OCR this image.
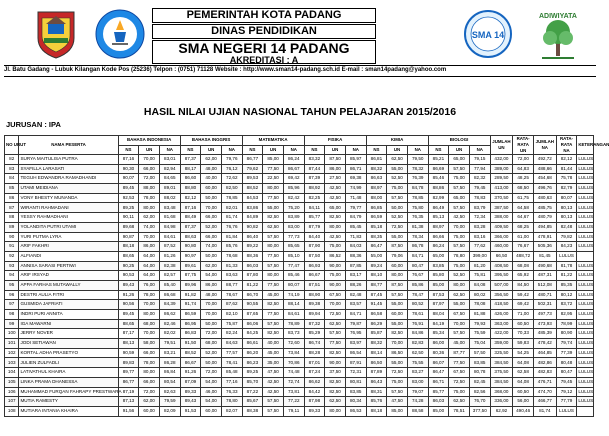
PEMERINTAH KOTA PADANG
DINAS PENDIDIKAN
SMA NEGERI 14 PADANG
AKREDITASI : A
SMA 14
ADIWIYATA
Jl. Batu Gadang - Lubuk Kilangan Kode Pos (25236) Telpon : (0751) 71128 Website : http://www.sman14-padang.sch.id E-mail : sman14padang@yahoo.com
HASIL NILAI UJIAN NASIONAL TAHUN PELAJARAN 2015/2016
JURUSAN : IPA
NO URUT	NAMA PESERTA	BAHASA INDONESIA			BAHASA INGGRIS			MATEMATIKA			FISIKA			KIMIA			BIOLOGI			JUMLAH UN	RATA-RATA UN	JUMLAH NA	RATA-RATA NA	KETERANGAN
		NS	UN	NA	NS	UN	NA	NS	UN	NA	NS	UN	NA	NS	UN	NA	NS	UN	NA					
82	SURYA MAITULISA PUTRA	87,16	70,00	83,01	87,37	62,00	79,76	86,77	85,00	86,24	83,32	87,50	85,97	86,81	62,50	79,50	85,21	65,00	79,15	432,00	72,00	492,72	82,12	LULUS
83	SYAFILLA LARASATI	90,30	66,00	82,94	88,17	48,00	76,12	79,62	77,50	86,67	87,44	86,00	86,71	88,32	55,00	78,32	86,69	57,50	77,94	389,00	64,83	488,66	81,44	LULUS
84	TEGUH EDWANDRA RAMADHANDI	90,07	72,00	84,65	86,60	40,00	72,62	89,53	22,50	69,42	87,39	27,50	69,38	86,63	52,50	76,39	85,46	75,00	82,32	289,50	48,25	454,68	75,78	LULUS
85	UTAMI MEIDIANA	89,45	88,00	89,01	88,80	60,00	82,50	88,52	80,00	85,96	88,92	42,50	74,99	88,97	75,00	84,78	88,86	57,50	79,45	413,00	68,50	496,76	82,79	LULUS
86	VONY BHESTY MUNANDA	92,53	78,00	88,02	82,12	50,00	78,85	84,53	77,50	82,42	82,25	42,50	71,48	88,00	57,50	78,85	82,99	65,00	78,83	370,50	61,75	480,63	80,07	LULUS
87	WIRANTI RAHMADANI	89,25	80,00	83,48	87,16	70,00	82,01	83,86	55,00	75,20	84,11	65,00	79,77	86,85	50,00	75,80	86,49	57,50	83,79	387,50	64,58	485,75	80,13	LULUS
88	YESSY RAHMADHANI	90,11	62,00	81,68	88,49	66,00	81,74	84,89	82,50	83,89	85,77	82,50	84,79	86,59	52,50	76,35	85,13	42,50	72,34	388,00	64,67	480,79	80,13	LULUS
89	YOLANDITA PUTRI UTAMI	89,68	74,00	84,98	87,37	52,00	76,76	90,82	62,50	83,00	87,79	80,00	85,45	85,18	72,50	81,38	88,97	70,00	83,28	409,50	68,25	494,85	82,48	LULUS
90	YURI PUTMA LYRA	90,87	70,00	84,61	88,63	66,00	81,84	86,40	57,50	77,73	84,40	42,50	71,83	88,35	55,00	78,34	86,66	75,00	83,16	366,00	61,00	478,91	79,82	LULUS
91	ARIF FAKHRI	88,18	86,00	87,52	90,80	74,00	85,76	89,22	80,00	85,65	87,90	75,00	84,03	86,47	87,50	86,78	86,24	57,50	77,62	460,00	76,67	505,36	84,23	LULUS
92	ALFIANDI	88,65	64,00	81,26	90,97	50,00	78,68	88,36	77,50	85,10	87,50	86,52	88,36	55,00	79,06	84,71	65,00	78,80	399,00	66,50	488,72	81,45	LULUS	
93	ANNISA SARASI PERTIWI	90,25	64,00	82,38	89,61	62,00	81,33	86,03	57,50	77,47	86,93	90,00	87,85	89,24	60,00	80,47	83,85	75,00	81,20	408,50	68,08	490,68	81,78	LULUS
94	ARIF IRSYAD	90,53	64,00	82,57	87,75	54,00	83,63	87,80	80,00	85,46	86,67	75,00	83,17	88,10	80,00	76,67	85,80	52,50	75,81	395,50	65,92	487,31	81,22	LULUS
95	APPA FARHAS MUTAWALLY	89,43	76,00	85,40	89,96	86,00	88,77	81,22	77,50	80,07	87,51	90,00	88,26	88,77	87,50	85,86	85,00	80,00	84,08	507,00	84,50	512,08	85,35	LULUS
96	DESTRI AULIA FITRI	91,26	78,00	86,68	91,82	48,00	78,67	86,70	45,00	74,19	88,90	67,50	82,48	87,45	57,50	78,47	87,53	62,50	80,02	356,50	59,42	480,71	80,12	LULUS
97	GUSMIDA JAFRIATI	90,56	70,00	84,39	91,74	70,00	87,62	90,55	82,50	88,14	89,38	70,00	83,57	91,45	55,00	80,52	87,97	55,00	78,08	418,50	69,42	502,31	83,72	LULUS
98	INDRI PURI ANNITA	89,45	80,00	86,62	86,59	70,00	82,10	87,65	77,50	84,61	89,94	72,50	84,71	86,58	60,00	78,61	88,04	67,50	81,88	426,00	71,00	497,73	82,95	LULUS
99	IGA MAWARNI	88,65	68,00	82,46	86,95	50,00	75,87	86,06	57,50	78,89	87,32	62,50	79,87	86,29	55,00	76,91	84,19	70,00	79,93	363,00	60,50	473,93	78,99	LULUS
100	JERRY NOVER	87,17	70,00	82,02	86,83	72,00	82,24	84,25	82,50	83,73	85,29	57,50	76,95	85,87	82,50	84,86	85,34	57,50	75,59	422,00	70,33	485,39	80,90	LULUS
101	JODI SETIAWAN	88,13	58,00	79,51	91,50	68,00	84,63	86,61	40,00	72,60	86,74	77,50	83,97	88,32	70,00	82,83	86,00	45,00	75,04	359,00	59,83	478,42	79,74	LULUS
102	KORTAL ADHA PRASETYO	90,59	66,00	83,21	88,52	52,00	77,57	86,20	45,00	73,84	88,28	82,50	86,54	88,14	86,50	62,50	80,36	87,77	57,50	325,50	54,25	464,85	77,39	LULUS
103	JULIEN ZULFADLI	89,83	78,00	86,28	86,67	50,00	78,41	86,23	35,00	70,86	87,01	90,00	87,91	86,50	55,00	75,55	86,07	77,50	83,85	384,50	64,08	482,86	80,48	LULUS
104	LATIVATHUL KHAIRA	89,77	80,00	86,84	91,26	72,00	85,48	89,25	47,50	74,48	87,24	37,50	72,31	87,89	72,50	83,27	86,47	67,50	80,78	375,50	62,58	482,83	80,47	LULUS
105	LINKA PRAMA DHANESSA	86,77	66,00	80,54	87,09	54,00	77,16	85,70	42,50	72,74	86,62	82,50	80,81	86,43	75,00	83,00	86,71	72,50	82,45	384,50	64,08	476,71	79,45	LULUS
106	MUHAMMAD FURQAN FAHRAPY PRESTWARA	87,19	72,00	82,63	89,33	46,00	76,33	87,22	42,50	73,81	84,42	82,50	83,85	88,31	57,50	79,07	85,77	75,00	82,56	368,00	60,50	474,70	79,12	LULUS
107	MUTIA RAMESTY	87,13	62,00	79,59	89,43	54,00	78,80	85,67	57,50	77,22	87,98	62,50	80,34	85,76	47,50	74,28	86,03	62,50	76,70	336,00	56,00	466,77	77,79	LULUS
108	MUTIARA INTANIA KHAIRA	91,56	60,00	82,09	91,53	60,00	82,07	88,38	57,50	79,11	89,33	80,00	86,53	88,18	85,00	88,58	85,00	78,51	377,50	62,92	490,46	81,74	LULUS	
